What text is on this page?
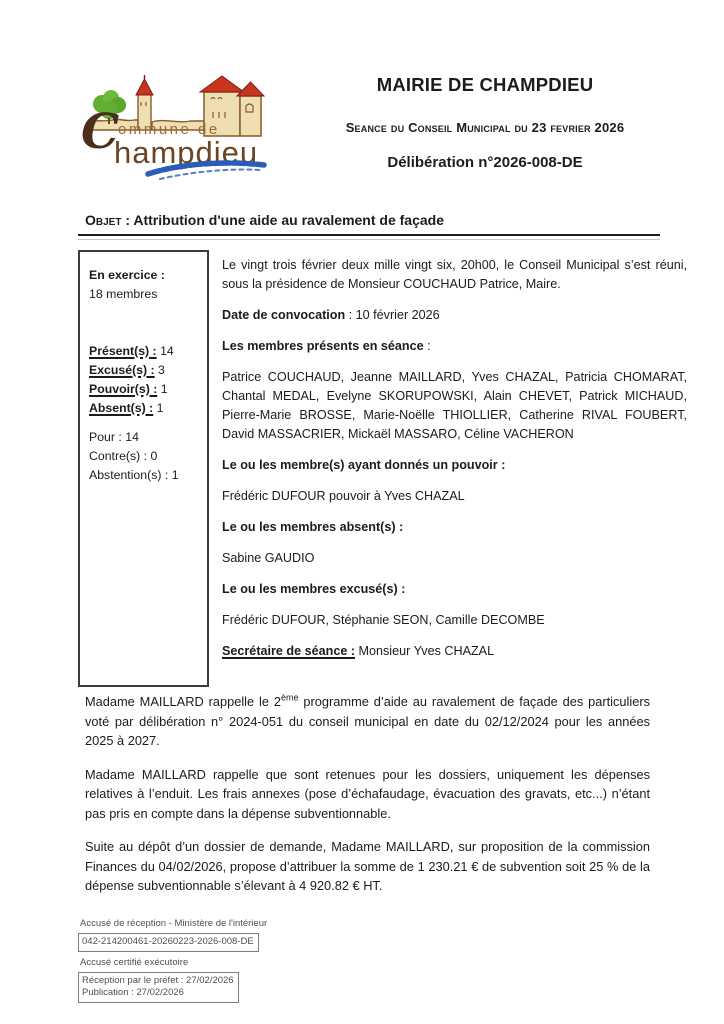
ommune de
C
hampdieu
MAIRIE DE CHAMPDIEU
Seance du Conseil Municipal du 23 fevrier 2026
Délibération n°2026-008-DE
Objet : Attribution d'une aide au ravalement de façade
En exercice :
18 membres
Présent(s) : 14
Excusé(s) : 3
Pouvoir(s) : 1
Absent(s) : 1
Pour : 14
Contre(s) : 0
Abstention(s) : 1

Le vingt trois février deux mille vingt six, 20h00, le Conseil Municipal s’est réuni, sous la présidence de Monsieur COUCHAUD Patrice, Maire.

Date de convocation : 10 février 2026

Les membres présents en séance :

Patrice COUCHAUD, Jeanne MAILLARD, Yves CHAZAL, Patricia CHOMARAT, Chantal MEDAL, Evelyne SKORUPOWSKI, Alain CHEVET, Patrick MICHAUD, Pierre-Marie BROSSE, Marie-Noëlle THIOLLIER, Catherine RIVAL FOUBERT, David MASSACRIER, Mickaël MASSARO, Céline VACHERON

Le ou les membre(s) ayant donnés un pouvoir :

Frédéric DUFOUR pouvoir à Yves CHAZAL

Le ou les membres absent(s) :

Sabine GAUDIO

Le ou les membres excusé(s) :

Frédéric DUFOUR, Stéphanie SEON, Camille DECOMBE

Secrétaire de séance : Monsieur Yves CHAZAL

Madame MAILLARD rappelle le 2ème programme d’aide au ravalement de façade des particuliers voté par délibération n° 2024-051 du conseil municipal en date du 02/12/2024 pour les années 2025 à 2027.

Madame MAILLARD rappelle que sont retenues pour les dossiers, uniquement les dépenses relatives à l’enduit. Les frais annexes (pose d’échafaudage, évacuation des gravats, etc...) n’étant pas pris en compte dans la dépense subventionnable.

Suite au dépôt d’un dossier de demande, Madame MAILLARD, sur proposition de la commission Finances du 04/02/2026, propose d’attribuer la somme de 1 230.21 € de subvention soit 25 % de la dépense subventionnable s’élevant à 4 920.82 € HT.

Accusé de réception - Ministère de l'intérieur
042-214200461-20260223-2026-008-DE
Accusé certifié exécutoire
Réception par le préfet : 27/02/2026
Publication : 27/02/2026
